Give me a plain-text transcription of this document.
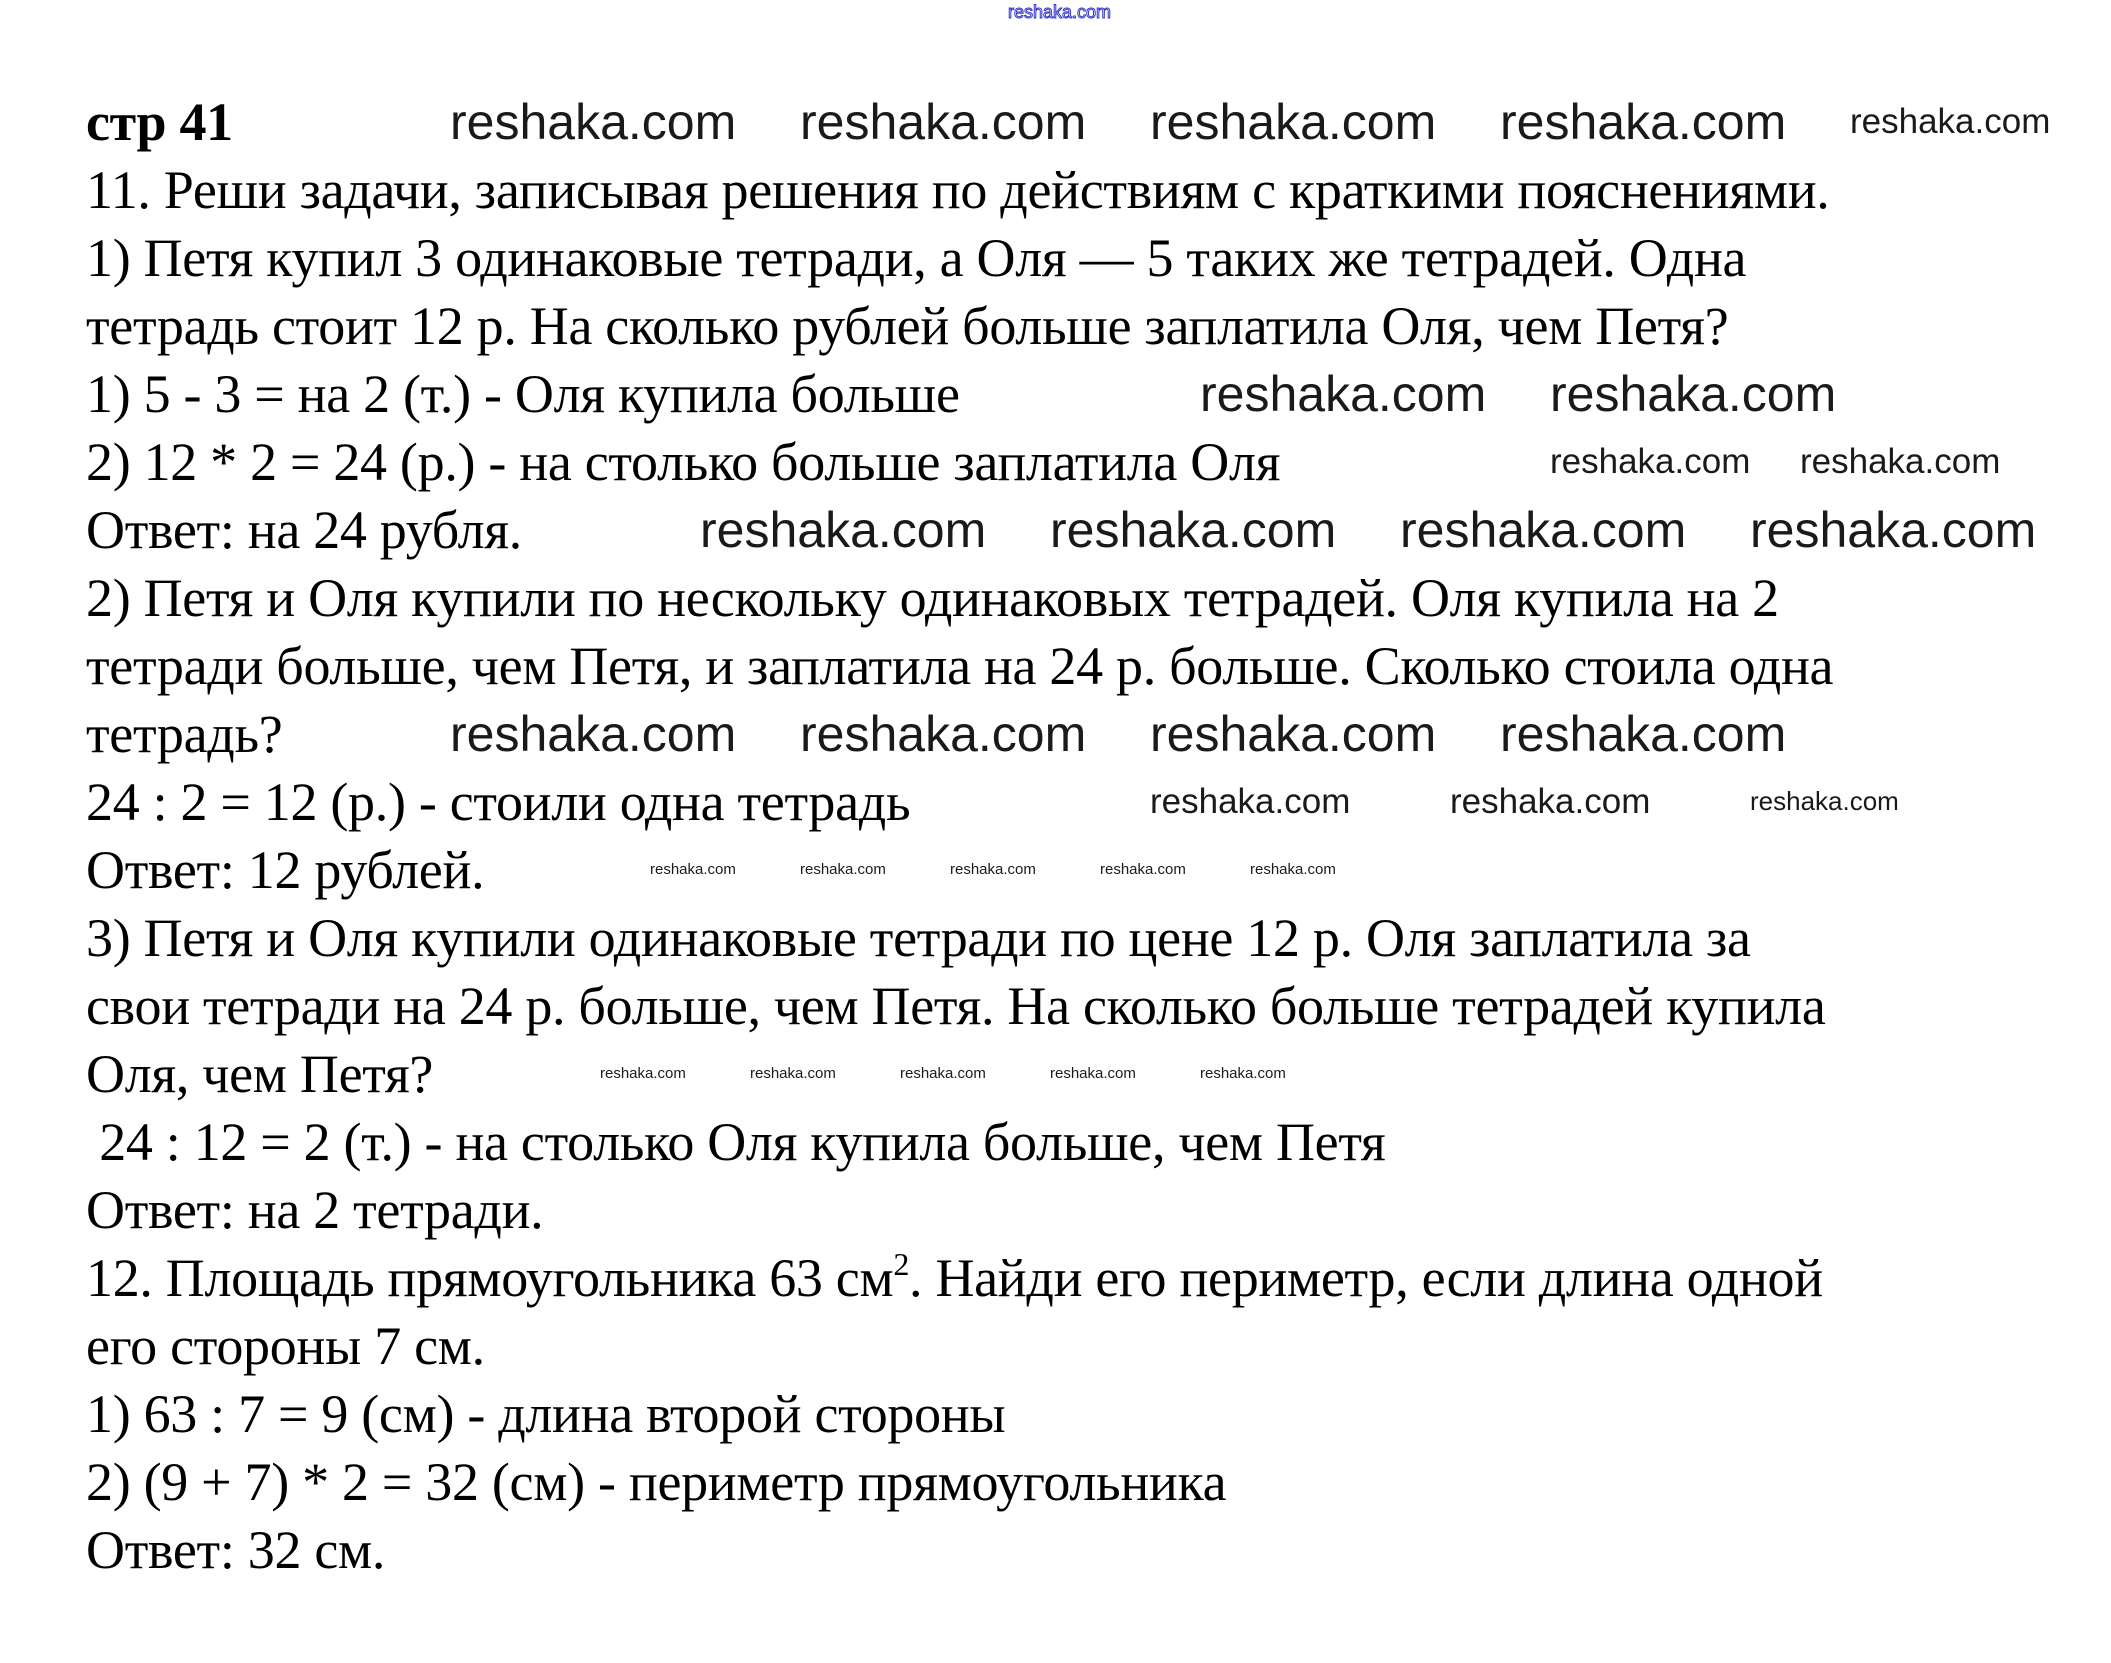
reshaka.com
стр 41
11. Реши задачи, записывая решения по действиям с краткими пояснениями.
1) Петя купил 3 одинаковые тетради, а Оля — 5 таких же тетрадей. Одна
тетрадь стоит 12 р. На сколько рублей больше заплатила Оля, чем Петя?
1) 5 - 3 = на 2 (т.) - Оля купила больше
2) 12 * 2 = 24 (р.) - на столько больше заплатила Оля
Ответ: на 24 рубля.
2) Петя и Оля купили по нескольку одинаковых тетрадей. Оля купила на 2
тетради больше, чем Петя, и заплатила на 24 р. больше. Сколько стоила одна
тетрадь?
24 : 2 = 12 (р.) - стоили одна тетрадь
Ответ: 12 рублей.
3) Петя и Оля купили одинаковые тетради по цене 12 р. Оля заплатила за
свои тетради на 24 р. больше, чем Петя. На сколько больше тетрадей купила
Оля, чем Петя?
24 : 12 = 2 (т.) - на столько Оля купила больше, чем Петя
Ответ: на 2 тетради.
12. Площадь прямоугольника 63 $см^2$. Найди его периметр, если длина одной
его стороны 7 см.
1) 63 : 7 = 9 (см) - длина второй стороны
2) (9 + 7) * 2 = 32 (см) - периметр прямоугольника
Ответ: 32 см.
reshaka.com reshaka.com reshaka.com reshaka.com
reshaka.com reshaka.com
reshaka.com reshaka.com reshaka.com reshaka.com
reshaka.com reshaka.com reshaka.com reshaka.com
reshaka.com
reshaka.com reshaka.com
reshaka.com	reshaka.com	reshaka.com
reshaka.com	reshaka.com	reshaka.com	reshaka.com	reshaka.com
reshaka.com	reshaka.com	reshaka.com	reshaka.com	reshaka.com
